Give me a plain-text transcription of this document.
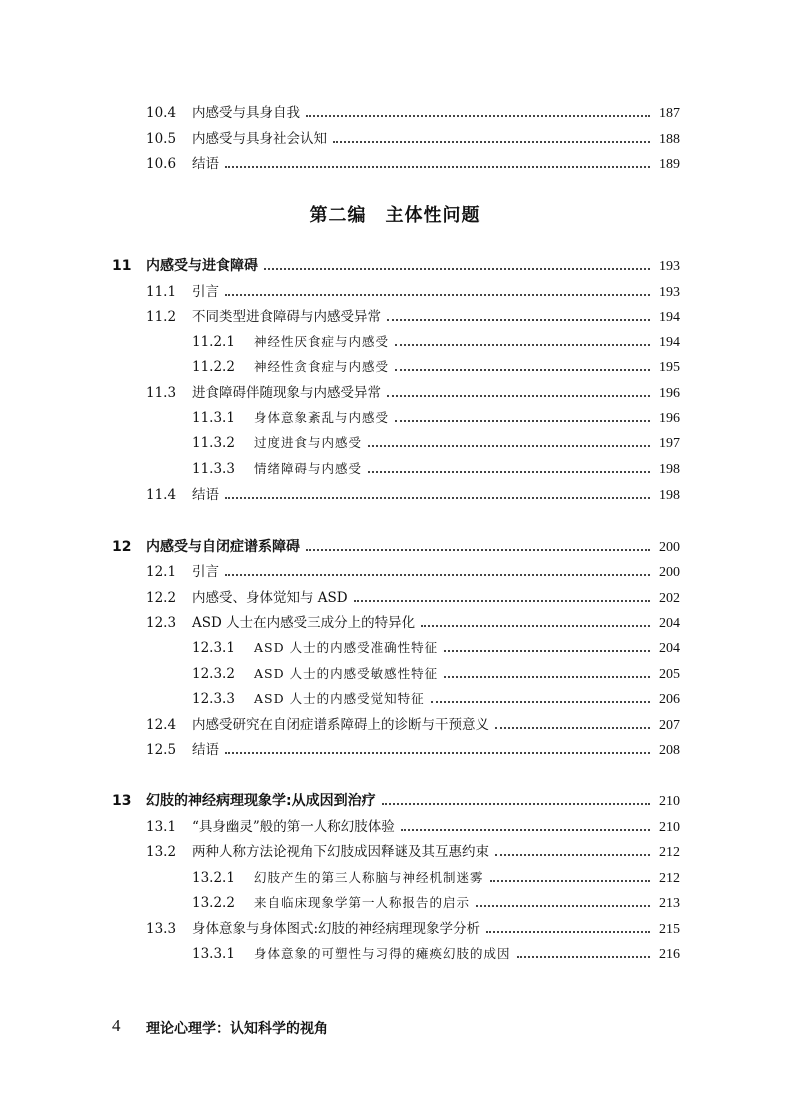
10.4	内感受与具身自我	187
10.5	内感受与具身社会认知	188
10.6	结语	189
第二编　主体性问题
11	内感受与进食障碍	193
11.1	引言	193
11.2	不同类型进食障碍与内感受异常	194
11.2.1	神经性厌食症与内感受	194
11.2.2	神经性贪食症与内感受	195
11.3	进食障碍伴随现象与内感受异常	196
11.3.1	身体意象紊乱与内感受	196
11.3.2	过度进食与内感受	197
11.3.3	情绪障碍与内感受	198
11.4	结语	198
12	内感受与自闭症谱系障碍	200
12.1	引言	200
12.2	内感受、身体觉知与 ASD	202
12.3	ASD 人士在内感受三成分上的特异化	204
12.3.1	ASD 人士的内感受准确性特征	204
12.3.2	ASD 人士的内感受敏感性特征	205
12.3.3	ASD 人士的内感受觉知特征	206
12.4	内感受研究在自闭症谱系障碍上的诊断与干预意义	207
12.5	结语	208
13	幻肢的神经病理现象学:从成因到治疗	210
13.1	“具身幽灵”般的第一人称幻肢体验	210
13.2	两种人称方法论视角下幻肢成因释谜及其互惠约束	212
13.2.1	幻肢产生的第三人称脑与神经机制迷雾	212
13.2.2	来自临床现象学第一人称报告的启示	213
13.3	身体意象与身体图式:幻肢的神经病理现象学分析	215
13.3.1	身体意象的可塑性与习得的瘫痪幻肢的成因	216
4 理论心理学：认知科学的视角
